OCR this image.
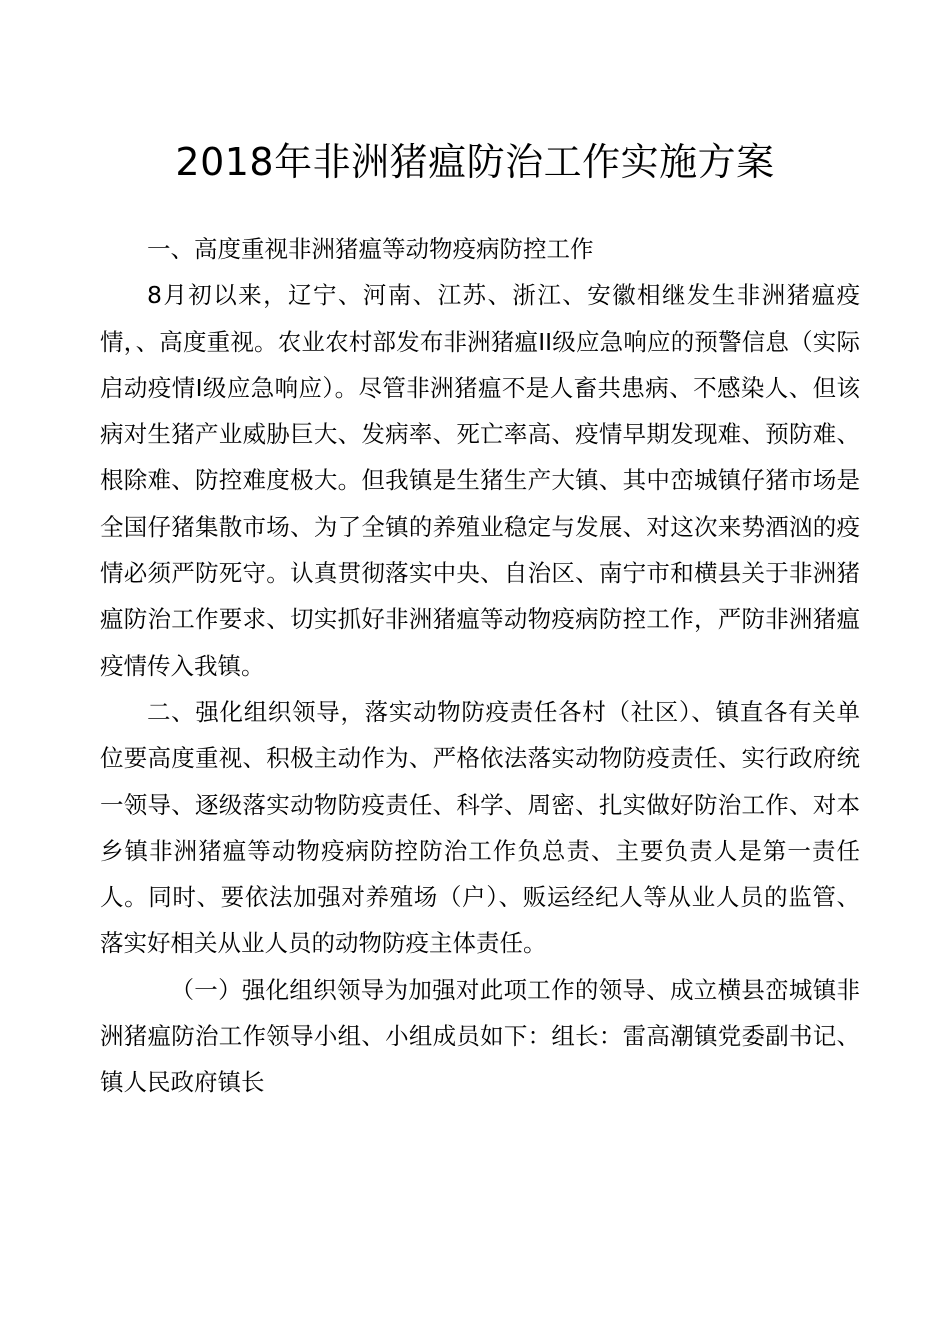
2018年非洲猪瘟防治工作实施方案

一、高度重视非洲猪瘟等动物疫病防控工作

8月初以来，辽宁、河南、江苏、浙江、安徽相继发生非洲猪瘟疫情，、高度重视。农业农村部发布非洲猪瘟II级应急响应的预警信息（实际启动疫情I级应急响应）。尽管非洲猪瘟不是人畜共患病、不感染人、但该病对生猪产业威胁巨大、发病率、死亡率高、疫情早期发现难、预防难、根除难、防控难度极大。但我镇是生猪生产大镇、其中峦城镇仔猪市场是全国仔猪集散市场、为了全镇的养殖业稳定与发展、对这次来势酒汹的疫情必须严防死守。认真贯彻落实中央、自治区、南宁市和横县关于非洲猪瘟防治工作要求、切实抓好非洲猪瘟等动物疫病防控工作，严防非洲猪瘟疫情传入我镇。

二、强化组织领导，落实动物防疫责任各村（社区）、镇直各有关单位要高度重视、积极主动作为、严格依法落实动物防疫责任、实行政府统一领导、逐级落实动物防疫责任、科学、周密、扎实做好防治工作、对本乡镇非洲猪瘟等动物疫病防控防治工作负总责、主要负责人是第一责任人。同时、要依法加强对养殖场（户）、贩运经纪人等从业人员的监管、落实好相关从业人员的动物防疫主体责任。

（一）强化组织领导为加强对此项工作的领导、成立横县峦城镇非洲猪瘟防治工作领导小组、小组成员如下：组长：雷高潮镇党委副书记、镇人民政府镇长
